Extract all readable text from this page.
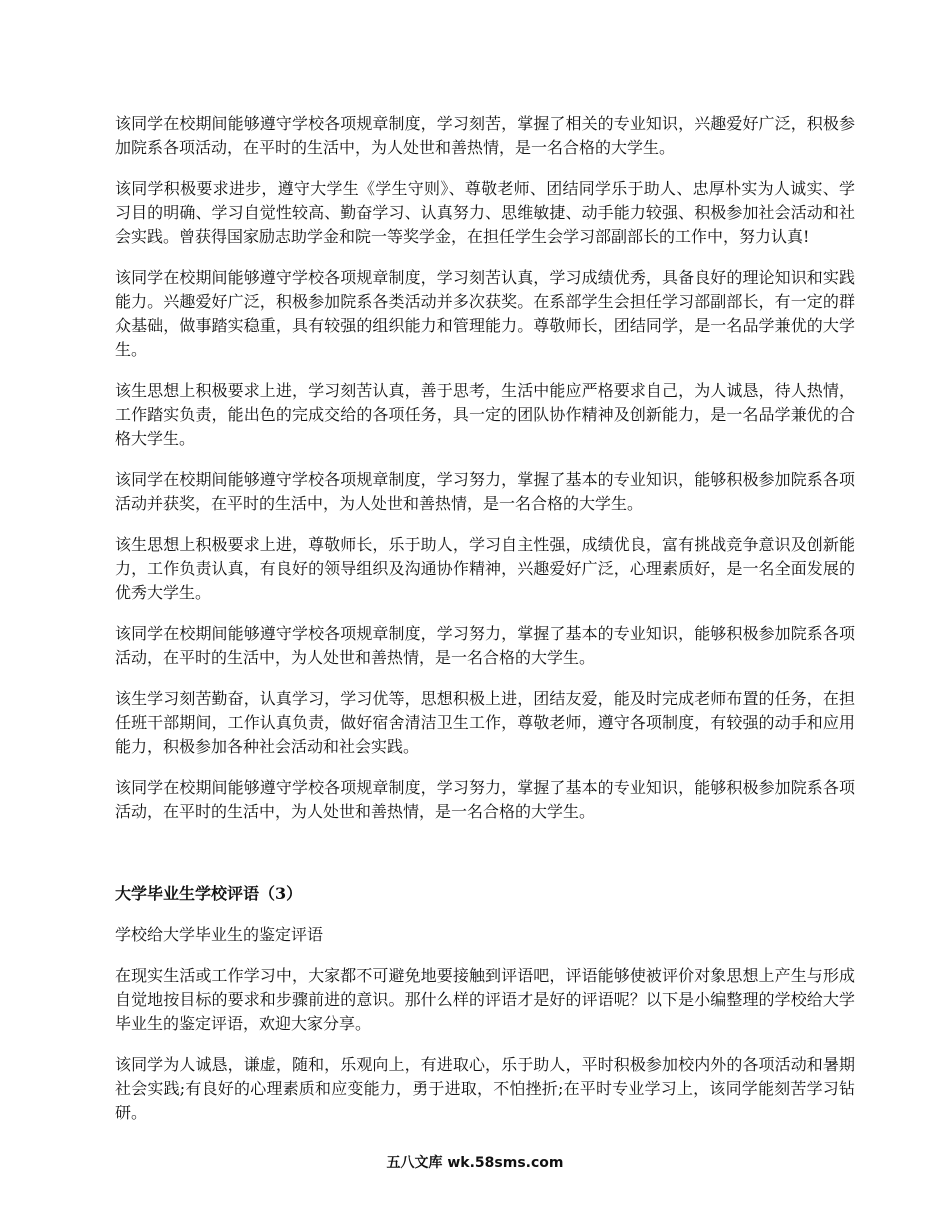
该同学在校期间能够遵守学校各项规章制度，学习刻苦，掌握了相关的专业知识，兴趣爱好广泛，积极参加院系各项活动，在平时的生活中，为人处世和善热情，是一名合格的大学生。

该同学积极要求进步，遵守大学生《学生守则》、尊敬老师、团结同学乐于助人、忠厚朴实为人诚实、学习目的明确、学习自觉性较高、勤奋学习、认真努力、思维敏捷、动手能力较强、积极参加社会活动和社会实践。曾获得国家励志助学金和院一等奖学金，在担任学生会学习部副部长的工作中，努力认真!

该同学在校期间能够遵守学校各项规章制度，学习刻苦认真，学习成绩优秀，具备良好的理论知识和实践能力。兴趣爱好广泛，积极参加院系各类活动并多次获奖。在系部学生会担任学习部副部长，有一定的群众基础，做事踏实稳重，具有较强的组织能力和管理能力。尊敬师长，团结同学，是一名品学兼优的大学生。

该生思想上积极要求上进，学习刻苦认真，善于思考，生活中能应严格要求自己，为人诚恳，待人热情，工作踏实负责，能出色的完成交给的各项任务，具一定的团队协作精神及创新能力，是一名品学兼优的合格大学生。

该同学在校期间能够遵守学校各项规章制度，学习努力，掌握了基本的专业知识，能够积极参加院系各项活动并获奖，在平时的生活中，为人处世和善热情，是一名合格的大学生。

该生思想上积极要求上进，尊敬师长，乐于助人，学习自主性强，成绩优良，富有挑战竞争意识及创新能力，工作负责认真，有良好的领导组织及沟通协作精神，兴趣爱好广泛，心理素质好，是一名全面发展的优秀大学生。

该同学在校期间能够遵守学校各项规章制度，学习努力，掌握了基本的专业知识，能够积极参加院系各项活动，在平时的生活中，为人处世和善热情，是一名合格的大学生。

该生学习刻苦勤奋，认真学习，学习优等，思想积极上进，团结友爱，能及时完成老师布置的任务，在担任班干部期间，工作认真负责，做好宿舍清洁卫生工作，尊敬老师，遵守各项制度，有较强的动手和应用能力，积极参加各种社会活动和社会实践。

该同学在校期间能够遵守学校各项规章制度，学习努力，掌握了基本的专业知识，能够积极参加院系各项活动，在平时的生活中，为人处世和善热情，是一名合格的大学生。

大学毕业生学校评语（3）

学校给大学毕业生的鉴定评语

在现实生活或工作学习中，大家都不可避免地要接触到评语吧，评语能够使被评价对象思想上产生与形成自觉地按目标的要求和步骤前进的意识。那什么样的评语才是好的评语呢？以下是小编整理的学校给大学毕业生的鉴定评语，欢迎大家分享。

该同学为人诚恳，谦虚，随和，乐观向上，有进取心，乐于助人，平时积极参加校内外的各项活动和暑期社会实践;有良好的心理素质和应变能力，勇于进取，不怕挫折;在平时专业学习上，该同学能刻苦学习钻研。

五八文库 wk.58sms.com
